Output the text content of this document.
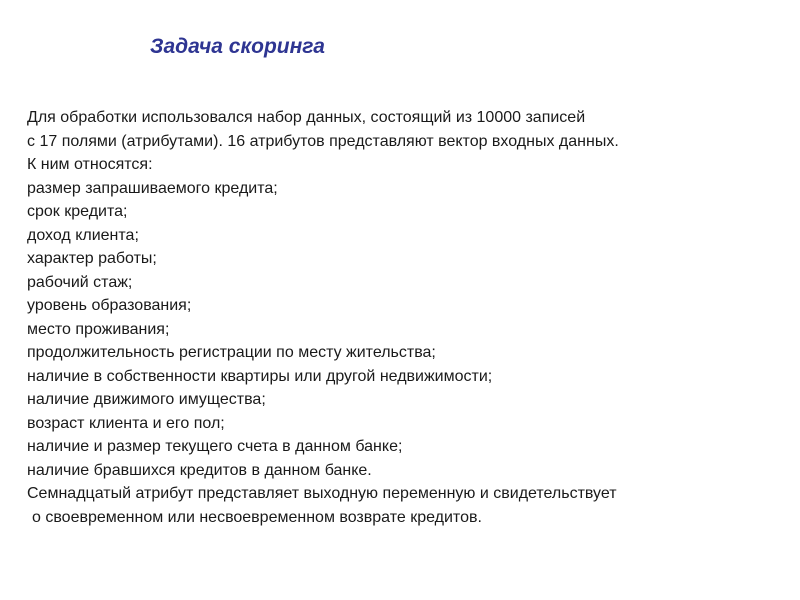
Задача скоринга
Для обработки использовался набор данных, состоящий из 10000 записей
с 17 полями (атрибутами). 16 атрибутов представляют вектор входных данных.
К ним относятся:
размер запрашиваемого кредита;
срок кредита;
доход клиента;
характер работы;
рабочий стаж;
уровень образования;
место проживания;
продолжительность регистрации по месту жительства;
наличие в собственности квартиры или другой недвижимости;
наличие движимого имущества;
возраст клиента и его пол;
наличие и размер текущего счета в данном банке;
наличие бравшихся кредитов в данном банке.
Семнадцатый атрибут представляет выходную переменную и свидетельствует
о своевременном или несвоевременном возврате кредитов.
